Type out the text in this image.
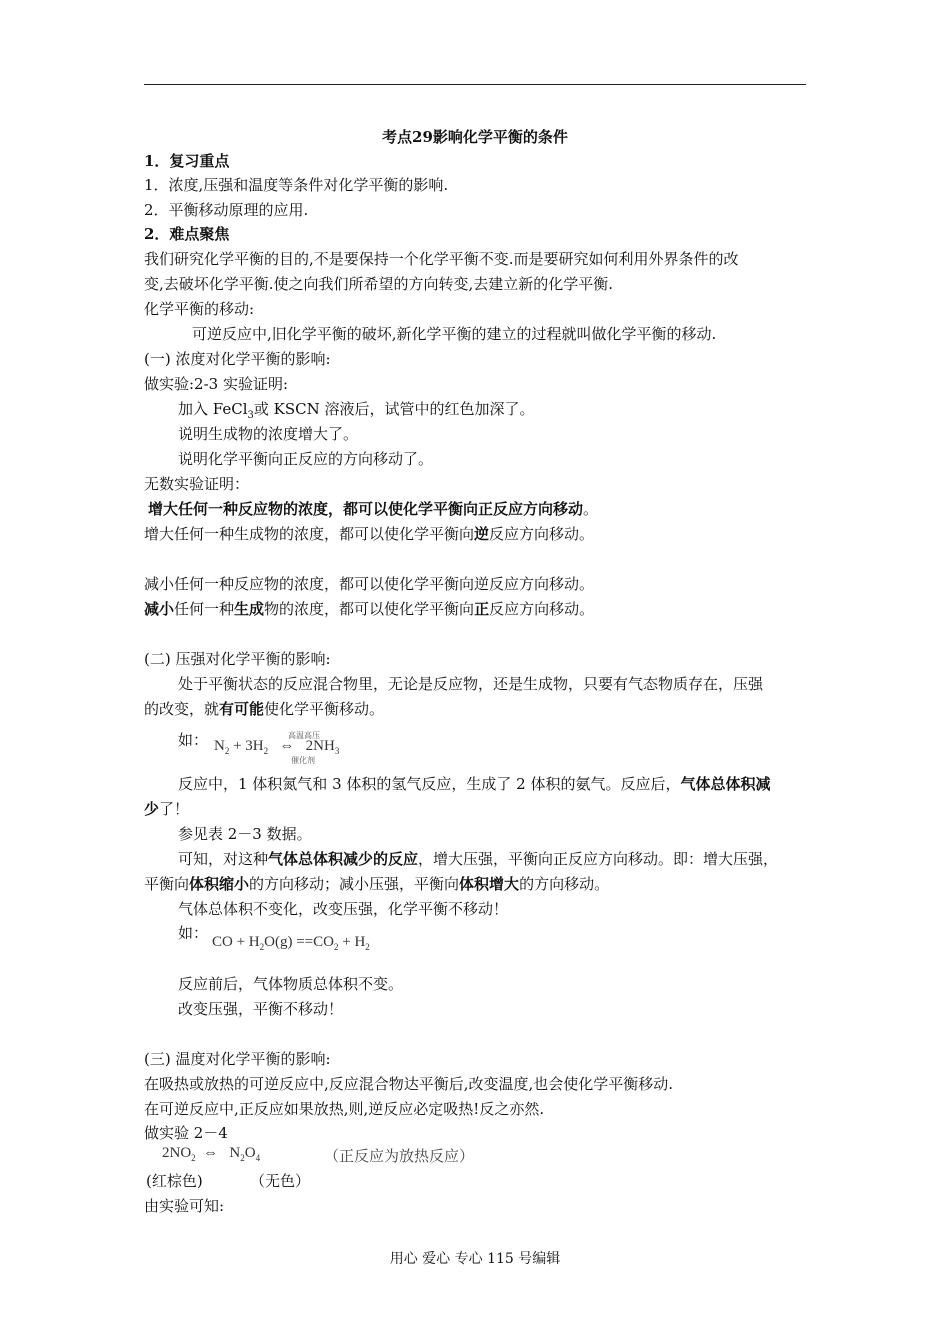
考点29影响化学平衡的条件
1．复习重点
1．浓度,压强和温度等条件对化学平衡的影响.
2．平衡移动原理的应用.
2．难点聚焦
我们研究化学平衡的目的,不是要保持一个化学平衡不变.而是要研究如何利用外界条件的改
变,去破坏化学平衡.使之向我们所希望的方向转变,去建立新的化学平衡.
化学平衡的移动:
可逆反应中,旧化学平衡的破坏,新化学平衡的建立的过程就叫做化学平衡的移动.
(一) 浓度对化学平衡的影响:
做实验:2-3 实验证明:
加入 FeCl$_3$或 KSCN 溶液后，试管中的红色加深了。
说明生成物的浓度增大了。
说明化学平衡向正反应的方向移动了。
无数实验证明：
增大任何一种反应物的浓度，都可以使化学平衡向正反应方向移动。
增大任何一种生成物的浓度，都可以使化学平衡向逆反应方向移动。
减小任何一种反应物的浓度，都可以使化学平衡向逆反应方向移动。
减小任何一种生成物的浓度，都可以使化学平衡向正反应方向移动。
(二) 压强对化学平衡的影响:
处于平衡状态的反应混合物里，无论是反应物，还是生成物，只要有气态物质存在，压强
的改变，就有可能使化学平衡移动。
如： $N_2 + 3H_2$   ⇔   $2NH_3$
高温高压
催化剂
反应中，1 体积氮气和 3 体积的氢气反应，生成了 2 体积的氨气。反应后，气体总体积减
少了！
参见表 2－3 数据。
可知，对这种气体总体积减少的反应，增大压强，平衡向正反应方向移动。即：增大压强，
平衡向体积缩小的方向移动；减小压强，平衡向体积增大的方向移动。
气体总体积不变化，改变压强，化学平衡不移动！
如： CO + $H_2O(g) ==CO_2 + H_2$
反应前后，气体物质总体积不变。
改变压强，平衡不移动！
(三) 温度对化学平衡的影响:
在吸热或放热的可逆反应中,反应混合物达平衡后,改变温度,也会使化学平衡移动.
在可逆反应中,正反应如果放热,则,逆反应必定吸热!反之亦然.
做实验 2－4
$2NO_2$  ⇔   $N_2O_4$	（正反应为放热反应）
(红棕色)	（无色）
由实验可知:
用心 爱心 专心 115 号编辑
